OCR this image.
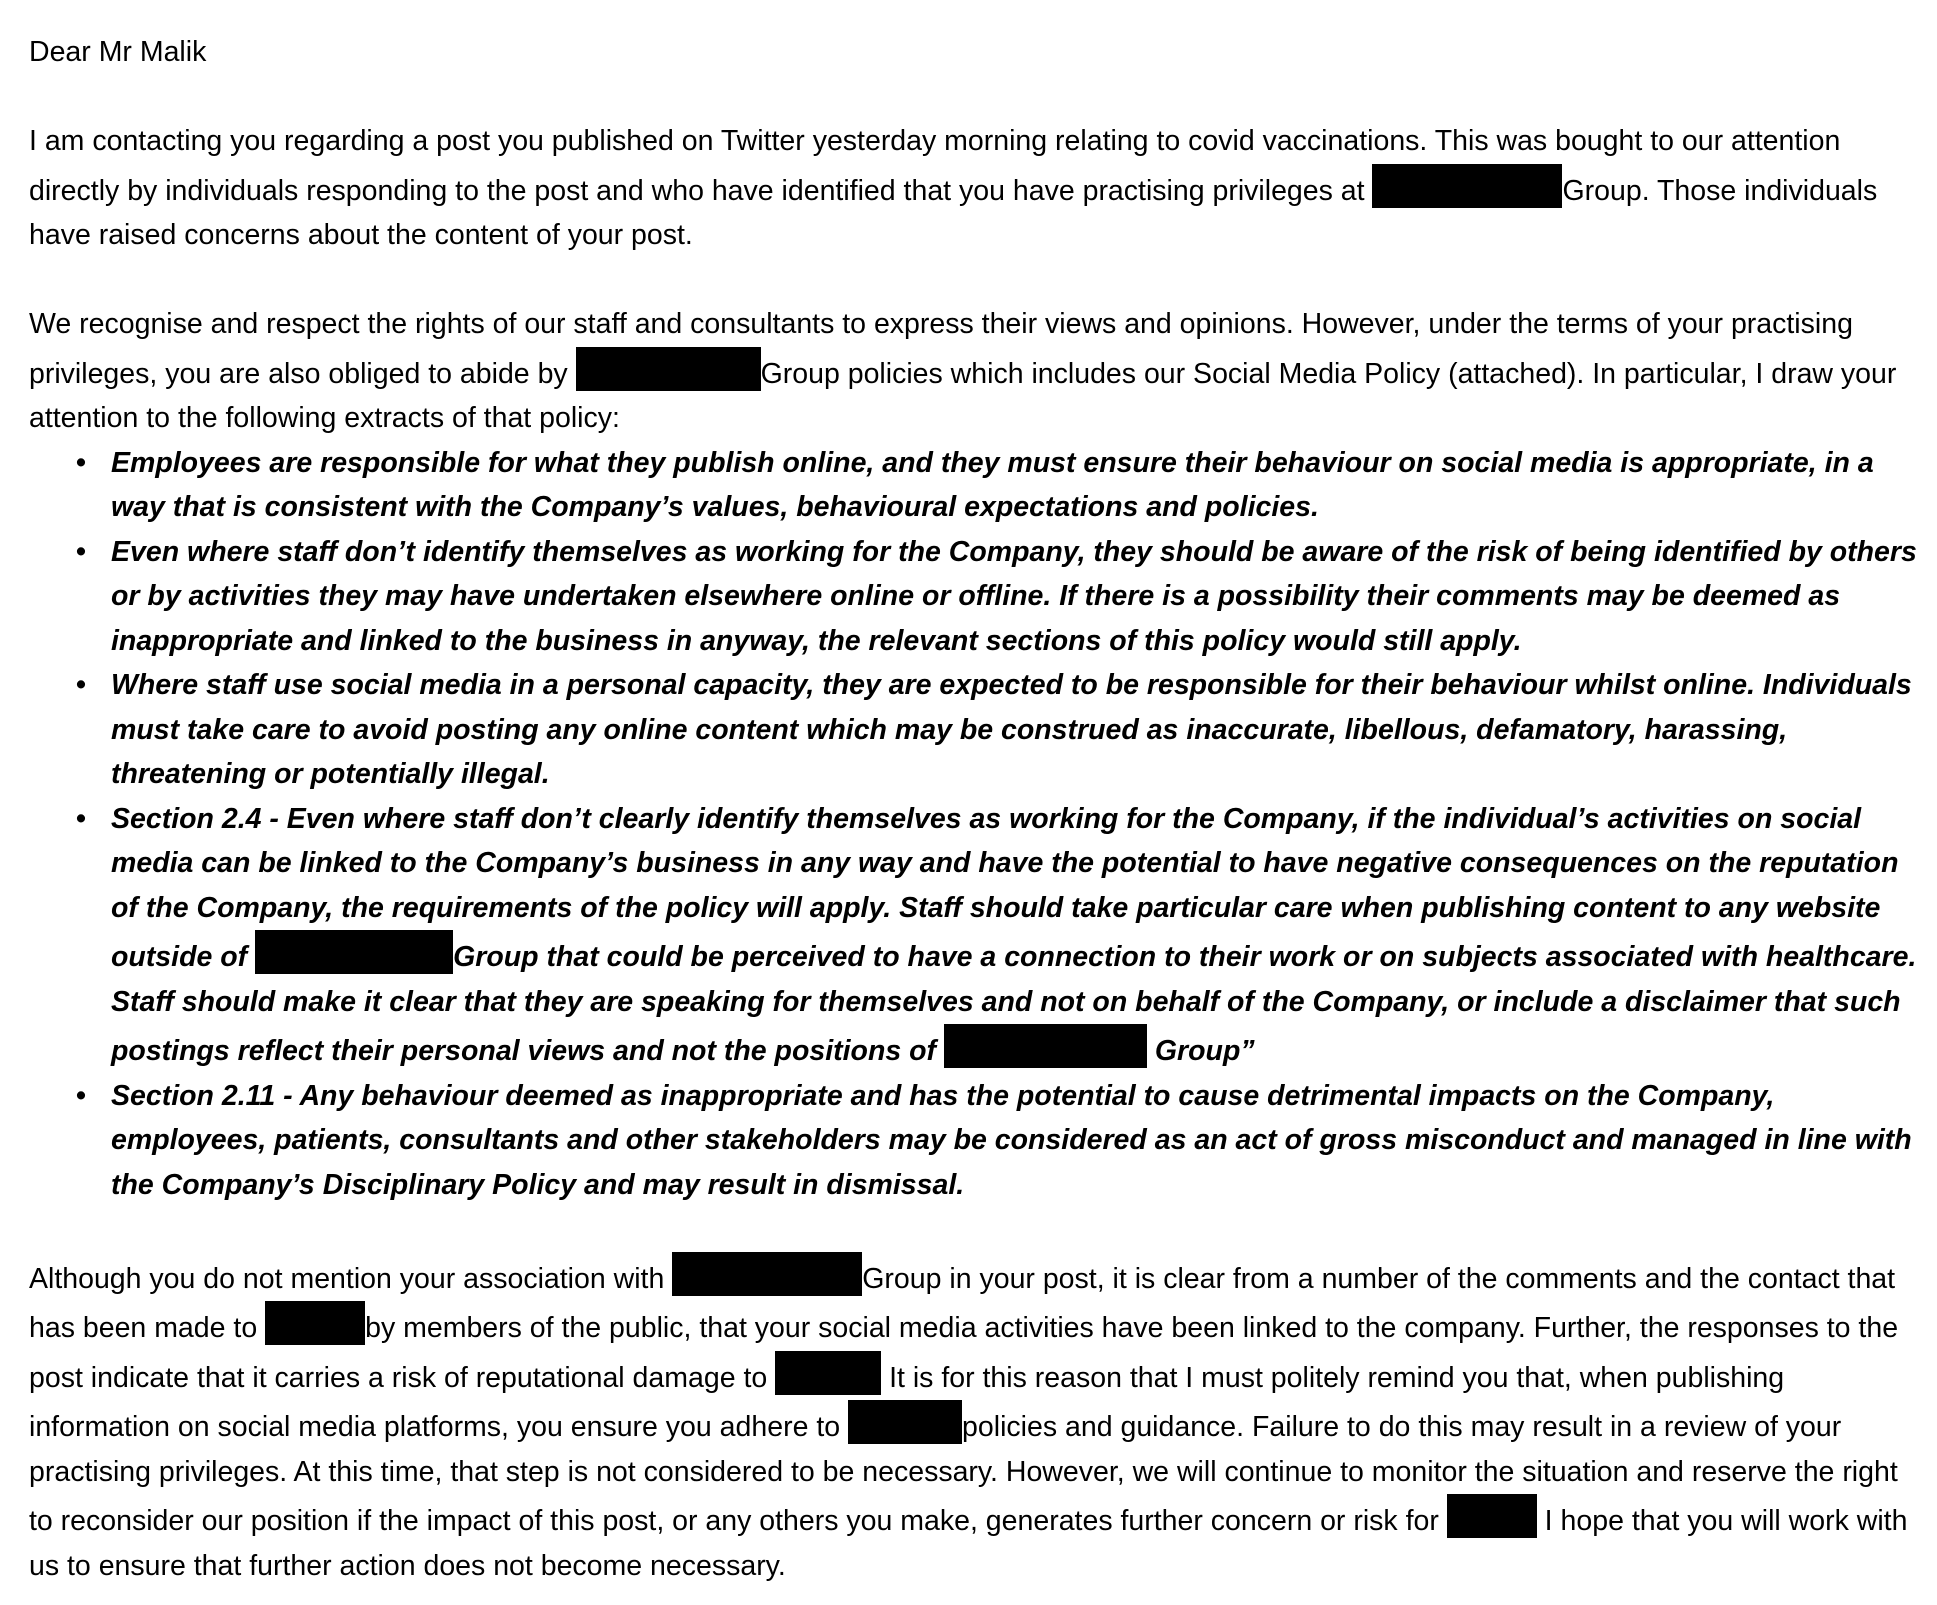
Dear Mr Malik

I am contacting you regarding a post you published on Twitter yesterday morning relating to covid vaccinations. This was bought to our attention directly by individuals responding to the post and who have identified that you have practising privileges at	Group. Those individuals have raised concerns about the content of your post.

We recognise and respect the rights of our staff and consultants to express their views and opinions. However, under the terms of your practising privileges, you are also obliged to abide by	Group policies which includes our Social Media Policy (attached). In particular, I draw your attention to the following extracts of that policy:

• Employees are responsible for what they publish online, and they must ensure their behaviour on social media is appropriate, in a way that is consistent with the Company’s values, behavioural expectations and policies.
• Even where staff don’t identify themselves as working for the Company, they should be aware of the risk of being identified by others or by activities they may have undertaken elsewhere online or offline. If there is a possibility their comments may be deemed as inappropriate and linked to the business in anyway, the relevant sections of this policy would still apply.
• Where staff use social media in a personal capacity, they are expected to be responsible for their behaviour whilst online. Individuals must take care to avoid posting any online content which may be construed as inaccurate, libellous, defamatory, harassing, threatening or potentially illegal.
• Section 2.4 - Even where staff don’t clearly identify themselves as working for the Company, if the individual’s activities on social media can be linked to the Company’s business in any way and have the potential to have negative consequences on the reputation of the Company, the requirements of the policy will apply. Staff should take particular care when publishing content to any website outside of	Group that could be perceived to have a connection to their work or on subjects associated with healthcare. Staff should make it clear that they are speaking for themselves and not on behalf of the Company, or include a disclaimer that such postings reflect their personal views and not the positions of	Group”
• Section 2.11 - Any behaviour deemed as inappropriate and has the potential to cause detrimental impacts on the Company, employees, patients, consultants and other stakeholders may be considered as an act of gross misconduct and managed in line with the Company’s Disciplinary Policy and may result in dismissal.

Although you do not mention your association with	Group in your post, it is clear from a number of the comments and the contact that has been made to	by members of the public, that your social media activities have been linked to the company. Further, the responses to the post indicate that it carries a risk of reputational damage to	It is for this reason that I must politely remind you that, when publishing information on social media platforms, you ensure you adhere to	policies and guidance. Failure to do this may result in a review of your practising privileges. At this time, that step is not considered to be necessary. However, we will continue to monitor the situation and reserve the right to reconsider our position if the impact of this post, or any others you make, generates further concern or risk for	I hope that you will work with us to ensure that further action does not become necessary.
